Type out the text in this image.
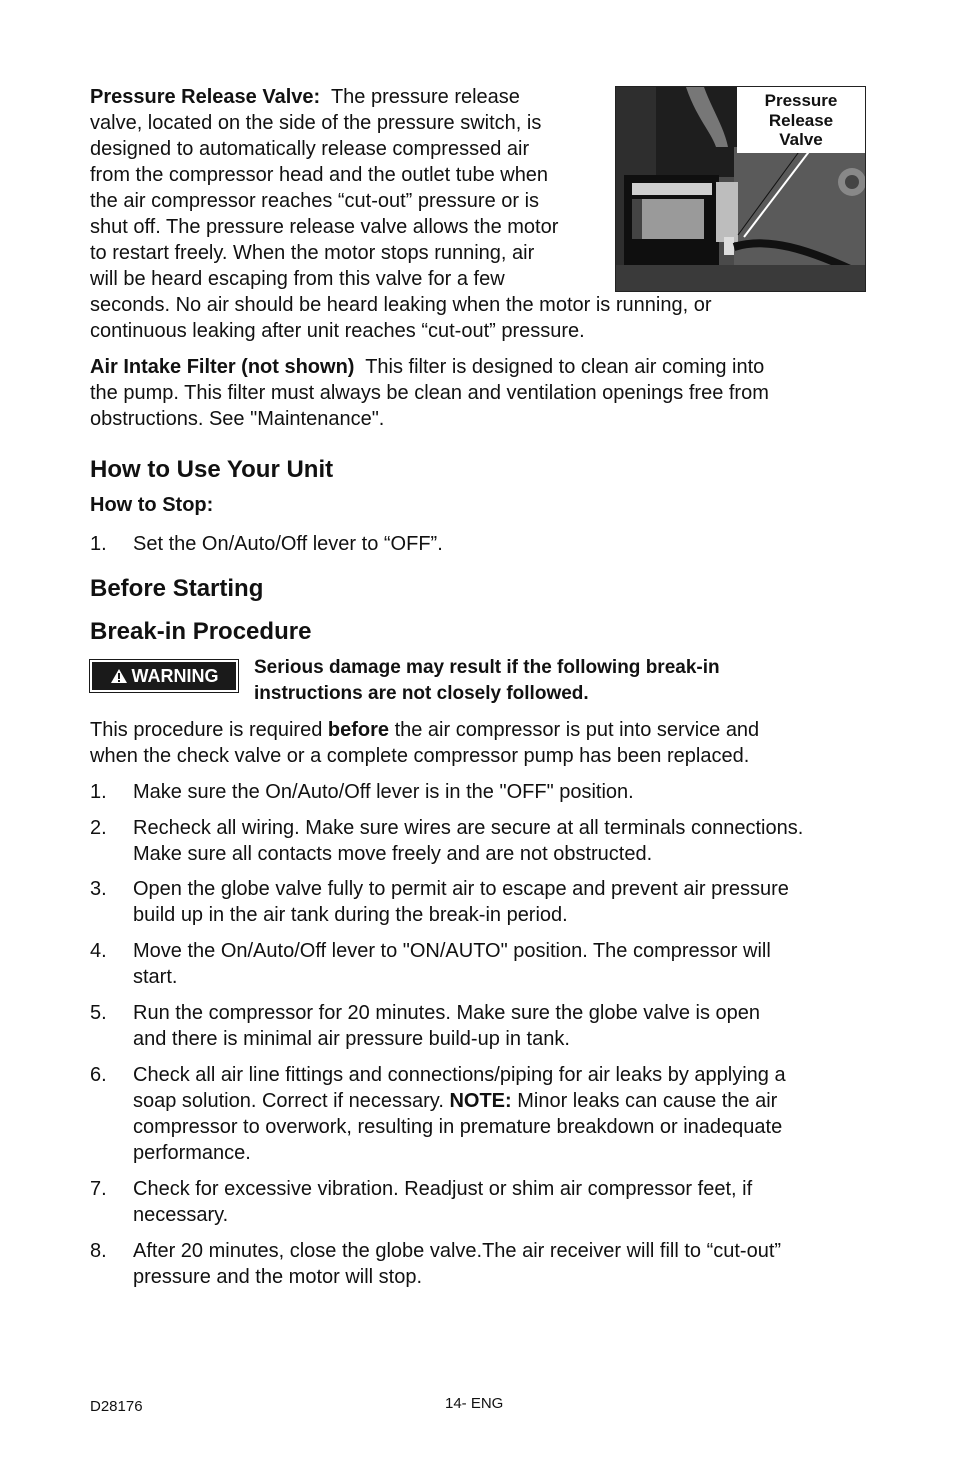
Pressure Release Valve: The pressure release
valve, located on the side of the pressure switch, is
designed to automatically release compressed air
from the compressor head and the outlet tube when
the air compressor reaches “cut-out” pressure or is
shut off. The pressure release valve allows the motor
to restart freely. When the motor stops running, air
will be heard escaping from this valve for a few
seconds. No air should be heard leaking when the motor is running, or
continuous leaking after unit reaches “cut-out” pressure.
Pressure
Release
Valve
Air Intake Filter (not shown) This filter is designed to clean air coming into
the pump. This filter must always be clean and ventilation openings free from
obstructions. See "Maintenance".
How to Use Your Unit
How to Stop:
1. Set the On/Auto/Off lever to “OFF”.
Before Starting
Break-in Procedure
WARNING Serious damage may result if the following break-in
instructions are not closely followed.
This procedure is required before the air compressor is put into service and
when the check valve or a complete compressor pump has been replaced.
1. Make sure the On/Auto/Off lever is in the "OFF" position.
2. Recheck all wiring. Make sure wires are secure at all terminals connections.
Make sure all contacts move freely and are not obstructed.
3. Open the globe valve fully to permit air to escape and prevent air pressure
build up in the air tank during the break-in period.
4. Move the On/Auto/Off lever to "ON/AUTO" position. The compressor will
start.
5. Run the compressor for 20 minutes. Make sure the globe valve is open
and there is minimal air pressure build-up in tank.
6. Check all air line fittings and connections/piping for air leaks by applying a
soap solution. Correct if necessary. NOTE: Minor leaks can cause the air
compressor to overwork, resulting in premature breakdown or inadequate
performance.
7. Check for excessive vibration. Readjust or shim air compressor feet, if
necessary.
8. After 20 minutes, close the globe valve.The air receiver will fill to “cut-out”
pressure and the motor will stop.
D28176	14- ENG
